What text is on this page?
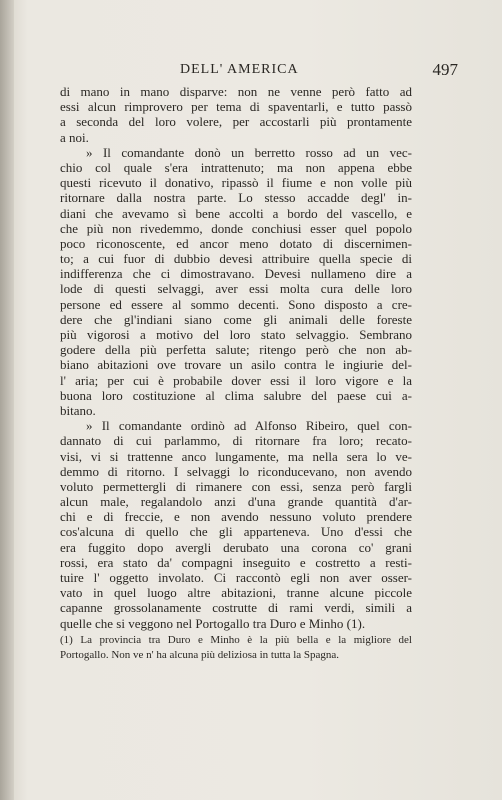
DELL' AMERICA	497
di mano in mano disparve: non ne venne però fatto ad
essi alcun rimprovero per tema di spaventarli, e tutto passò
a seconda del loro volere, per accostarli più prontamente
a noi.
» Il comandante donò un berretto rosso ad un vec-
chio col quale s'era intrattenuto; ma non appena ebbe
questi ricevuto il donativo, ripassò il fiume e non volle più
ritornare dalla nostra parte. Lo stesso accadde degl' in-
diani che avevamo sì bene accolti a bordo del vascello, e
che più non rivedemmo, donde conchiusi esser quel popolo
poco riconoscente, ed ancor meno dotato di discernimen-
to; a cui fuor di dubbio devesi attribuire quella specie di
indifferenza che ci dimostravano. Devesi nullameno dire a
lode di questi selvaggi, aver essi molta cura delle loro
persone ed essere al sommo decenti. Sono disposto a cre-
dere che gl'indiani siano come gli animali delle foreste
più vigorosi a motivo del loro stato selvaggio. Sembrano
godere della più perfetta salute; ritengo però che non ab-
biano abitazioni ove trovare un asilo contra le ingiurie del-
l' aria; per cui è probabile dover essi il loro vigore e la
buona loro costituzione al clima salubre del paese cui a-
bitano.
» Il comandante ordinò ad Alfonso Ribeiro, quel con-
dannato di cui parlammo, di ritornare fra loro; recato-
visi, vi si trattenne anco lungamente, ma nella sera lo ve-
demmo di ritorno. I selvaggi lo riconducevano, non avendo
voluto permettergli di rimanere con essi, senza però fargli
alcun male, regalandolo anzi d'una grande quantità d'ar-
chi e di freccie, e non avendo nessuno voluto prendere
cos'alcuna di quello che gli apparteneva. Uno d'essi che
era fuggito dopo avergli derubato una corona co' grani
rossi, era stato da' compagni inseguito e costretto a resti-
tuire l' oggetto involato. Ci raccontò egli non aver osser-
vato in quel luogo altre abitazioni, tranne alcune piccole
capanne grossolanamente costrutte di rami verdi, simili a
quelle che si veggono nel Portogallo tra Duro e Minho (1).
(1) La provincia tra Duro e Minho è la più bella e la migliore del
Portogallo. Non ve n' ha alcuna più deliziosa in tutta la Spagna.
